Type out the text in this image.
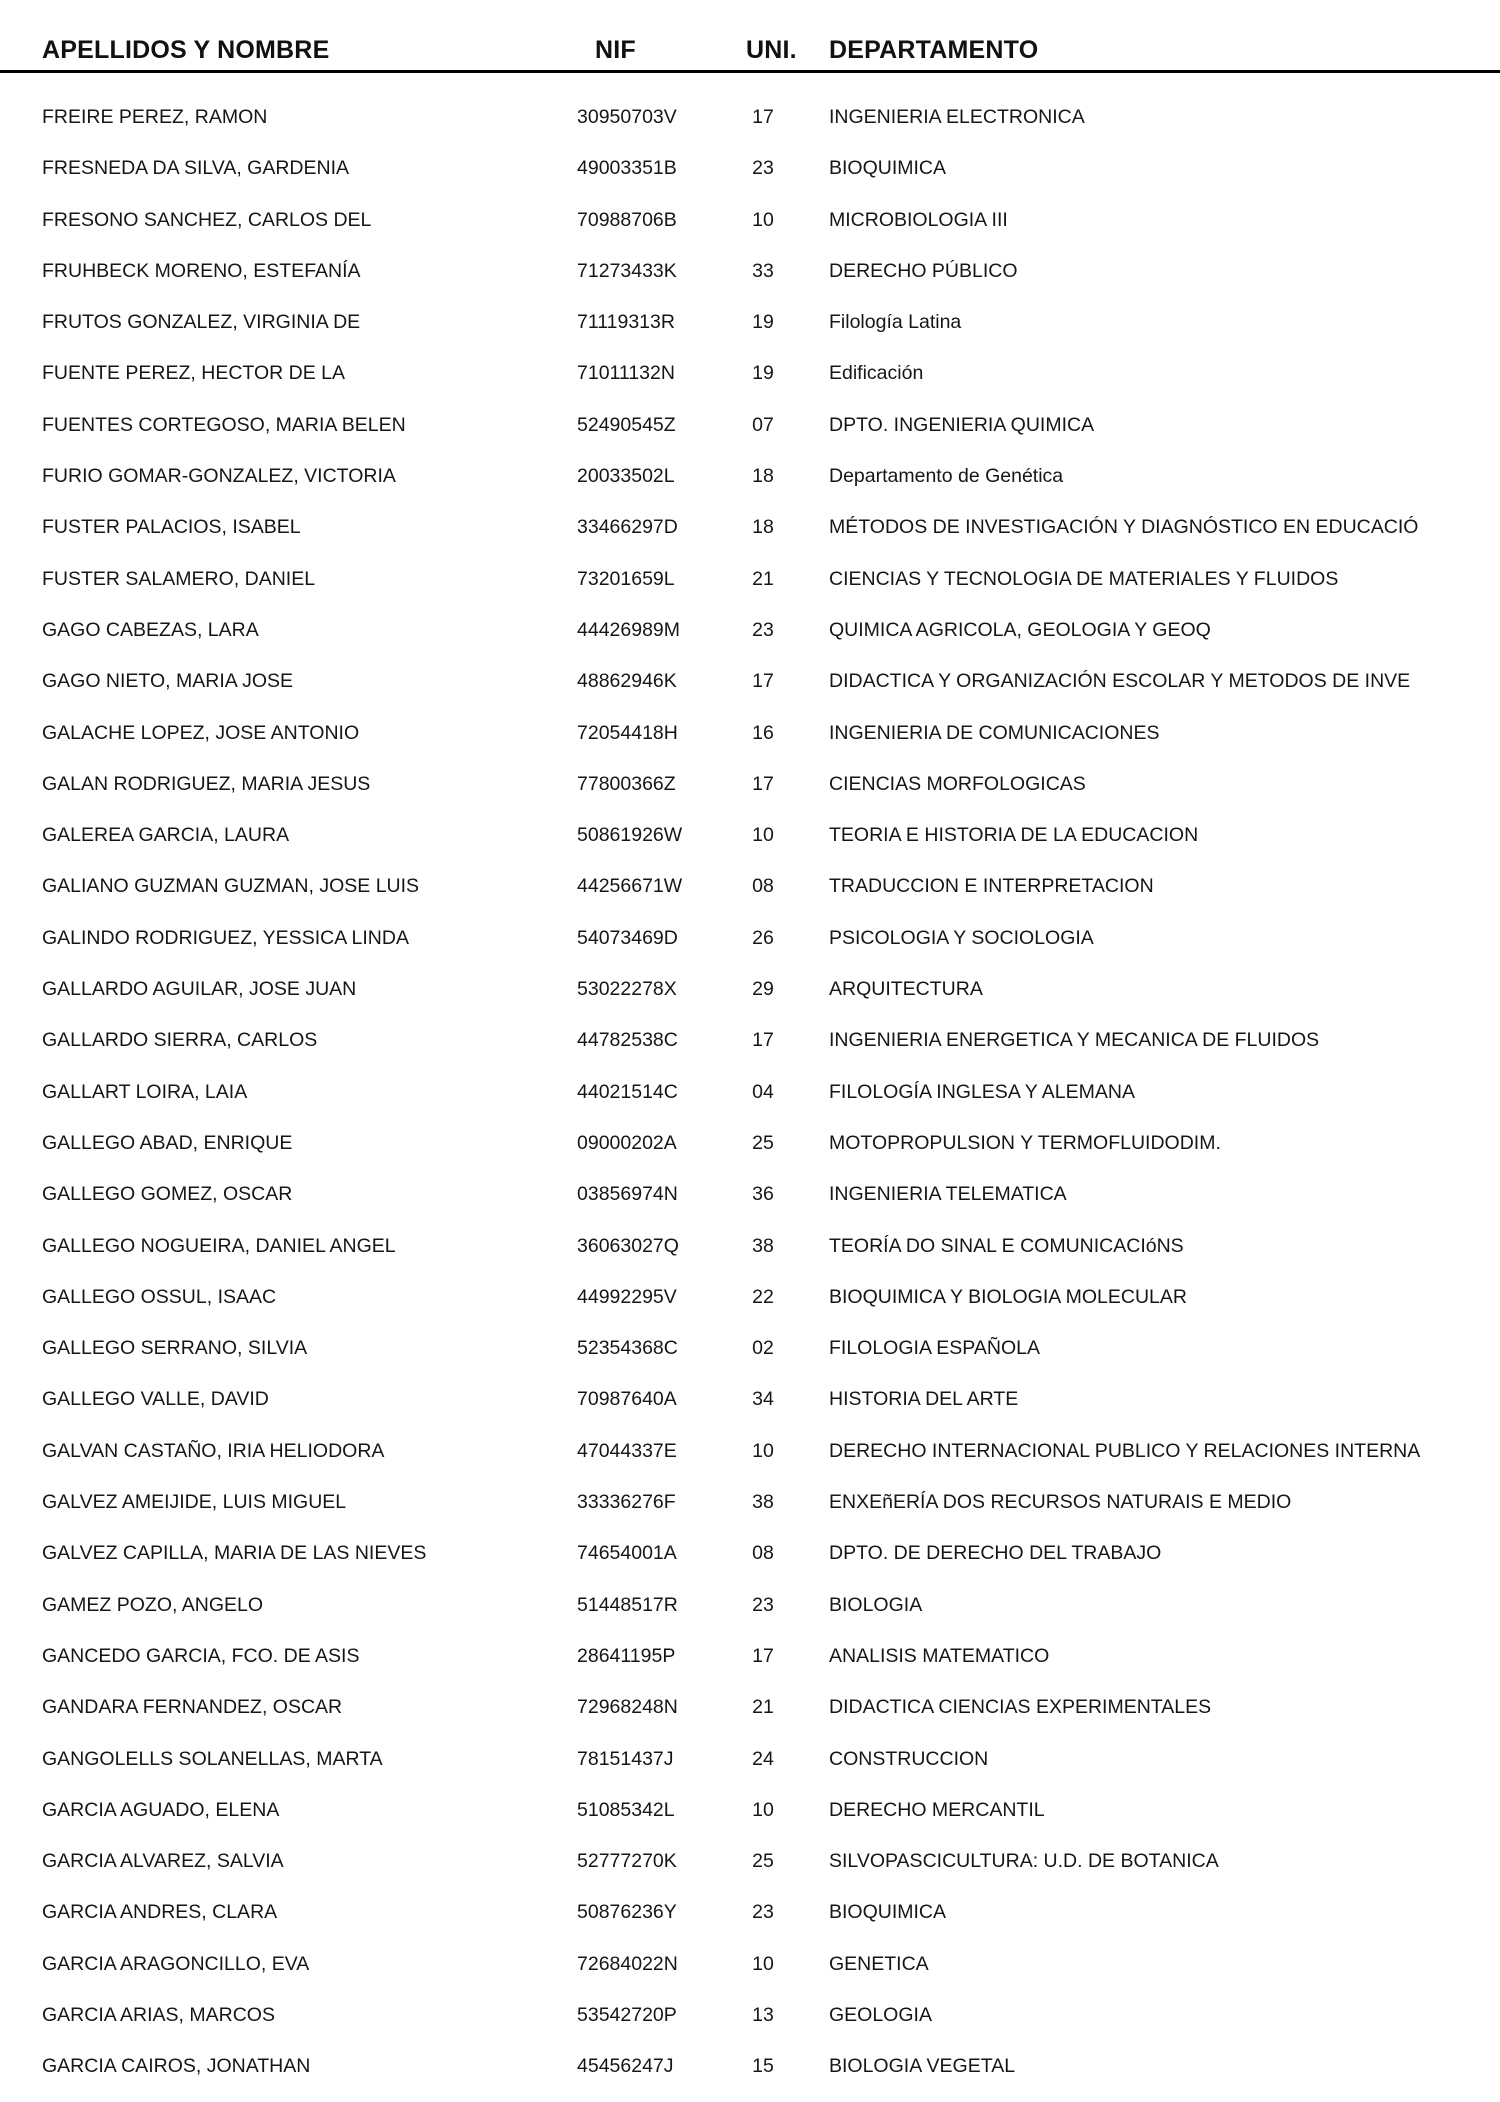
APELLIDOS Y NOMBRE	NIF	UNI. DEPARTAMENTO
FREIRE PEREZ, RAMON	30950703V	17	INGENIERIA ELECTRONICA
FRESNEDA DA SILVA, GARDENIA	49003351B	23	BIOQUIMICA
FRESONO SANCHEZ, CARLOS DEL	70988706B	10	MICROBIOLOGIA III
FRUHBECK MORENO, ESTEFANÍA	71273433K	33	DERECHO PÚBLICO
FRUTOS GONZALEZ, VIRGINIA DE	71119313R	19	Filología Latina
FUENTE PEREZ, HECTOR DE LA	71011132N	19	Edificación
FUENTES CORTEGOSO, MARIA BELEN	52490545Z	07	DPTO. INGENIERIA QUIMICA
FURIO GOMAR-GONZALEZ, VICTORIA	20033502L	18	Departamento de Genética
FUSTER PALACIOS, ISABEL	33466297D	18	MÉTODOS DE INVESTIGACIÓN Y DIAGNÓSTICO EN EDUCACIÓ
FUSTER SALAMERO, DANIEL	73201659L	21	CIENCIAS Y TECNOLOGIA DE MATERIALES Y FLUIDOS
GAGO CABEZAS, LARA	44426989M	23	QUIMICA AGRICOLA, GEOLOGIA Y GEOQ
GAGO NIETO, MARIA JOSE	48862946K	17	DIDACTICA Y ORGANIZACIÓN ESCOLAR Y METODOS DE INVE
GALACHE LOPEZ, JOSE ANTONIO	72054418H	16	INGENIERIA DE COMUNICACIONES
GALAN RODRIGUEZ, MARIA JESUS	77800366Z	17	CIENCIAS MORFOLOGICAS
GALEREA GARCIA, LAURA	50861926W	10	TEORIA E HISTORIA DE LA EDUCACION
GALIANO GUZMAN GUZMAN, JOSE LUIS	44256671W	08	TRADUCCION E INTERPRETACION
GALINDO RODRIGUEZ, YESSICA LINDA	54073469D	26	PSICOLOGIA Y SOCIOLOGIA
GALLARDO AGUILAR, JOSE JUAN	53022278X	29	ARQUITECTURA
GALLARDO SIERRA, CARLOS	44782538C	17	INGENIERIA ENERGETICA Y MECANICA DE FLUIDOS
GALLART LOIRA, LAIA	44021514C	04	FILOLOGÍA INGLESA Y ALEMANA
GALLEGO ABAD, ENRIQUE	09000202A	25	MOTOPROPULSION Y TERMOFLUIDODIM.
GALLEGO GOMEZ, OSCAR	03856974N	36	INGENIERIA TELEMATICA
GALLEGO NOGUEIRA, DANIEL ANGEL	36063027Q	38	TEORÍA DO SINAL E COMUNICACIóNS
GALLEGO OSSUL, ISAAC	44992295V	22	BIOQUIMICA Y BIOLOGIA MOLECULAR
GALLEGO SERRANO, SILVIA	52354368C	02	FILOLOGIA ESPAÑOLA
GALLEGO VALLE, DAVID	70987640A	34	HISTORIA DEL ARTE
GALVAN CASTAÑO, IRIA HELIODORA	47044337E	10	DERECHO INTERNACIONAL PUBLICO Y RELACIONES INTERNA
GALVEZ AMEIJIDE, LUIS MIGUEL	33336276F	38	ENXEñERÍA DOS RECURSOS NATURAIS E MEDIO
GALVEZ CAPILLA, MARIA DE LAS NIEVES	74654001A	08	DPTO. DE DERECHO DEL TRABAJO
GAMEZ POZO, ANGELO	51448517R	23	BIOLOGIA
GANCEDO GARCIA, FCO. DE ASIS	28641195P	17	ANALISIS MATEMATICO
GANDARA FERNANDEZ, OSCAR	72968248N	21	DIDACTICA CIENCIAS EXPERIMENTALES
GANGOLELLS SOLANELLAS, MARTA	78151437J	24	CONSTRUCCION
GARCIA AGUADO, ELENA	51085342L	10	DERECHO MERCANTIL
GARCIA ALVAREZ, SALVIA	52777270K	25	SILVOPASCICULTURA: U.D. DE BOTANICA
GARCIA ANDRES, CLARA	50876236Y	23	BIOQUIMICA
GARCIA ARAGONCILLO, EVA	72684022N	10	GENETICA
GARCIA ARIAS, MARCOS	53542720P	13	GEOLOGIA
GARCIA CAIROS, JONATHAN	45456247J	15	BIOLOGIA VEGETAL
